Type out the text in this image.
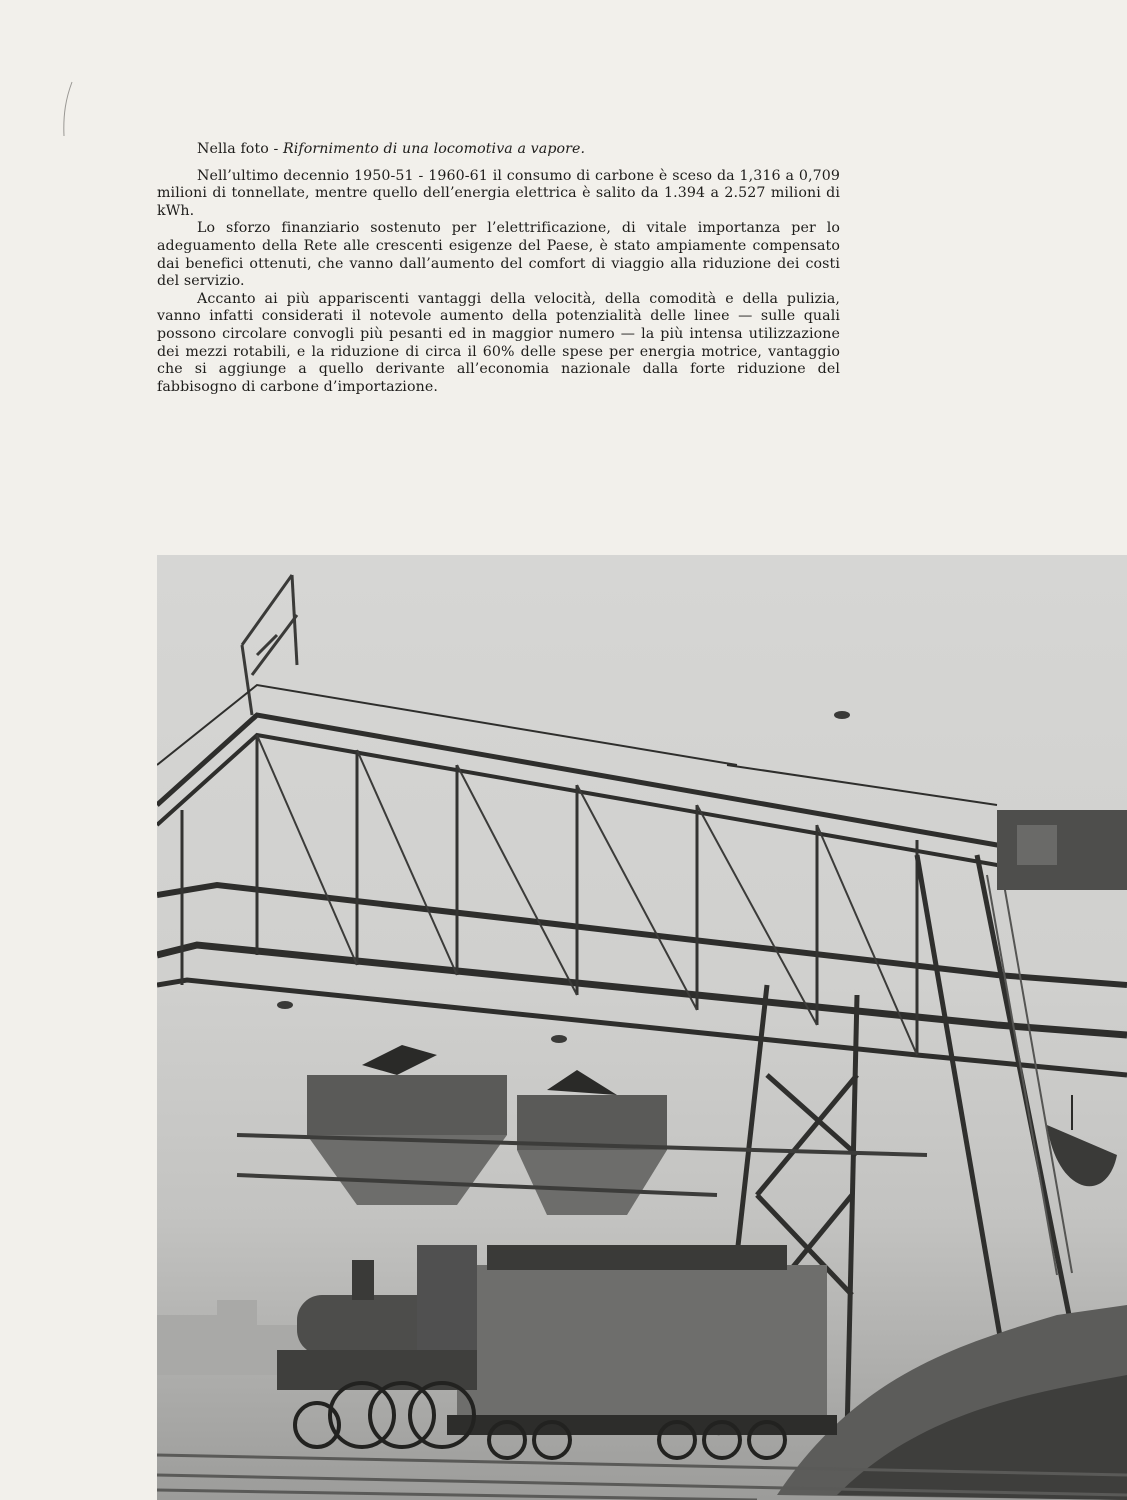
Nella foto - Rifornimento di una locomotiva a vapore.

Nell’ultimo decennio 1950-51 - 1960-61 il consumo di carbone è sceso da 1,316 a 0,709 milioni di tonnellate, mentre quello dell’energia elettrica è salito da 1.394 a 2.527 milioni di kWh.

Lo sforzo finanziario sostenuto per l’elettrificazione, di vitale importanza per lo adeguamento della Rete alle crescenti esigenze del Paese, è stato ampiamente compensato dai benefici ottenuti, che vanno dall’aumento del comfort di viaggio alla riduzione dei costi del servizio.

Accanto ai più appariscenti vantaggi della velocità, della comodità e della pulizia, vanno infatti considerati il notevole aumento della potenzialità delle linee — sulle quali possono circolare convogli più pesanti ed in maggior numero — la più intensa utilizzazione dei mezzi rotabili, e la riduzione di circa il 60% delle spese per energia motrice, vantaggio che si aggiunge a quello derivante all’economia nazionale dalla forte riduzione del fabbisogno di carbone d’importazione.
